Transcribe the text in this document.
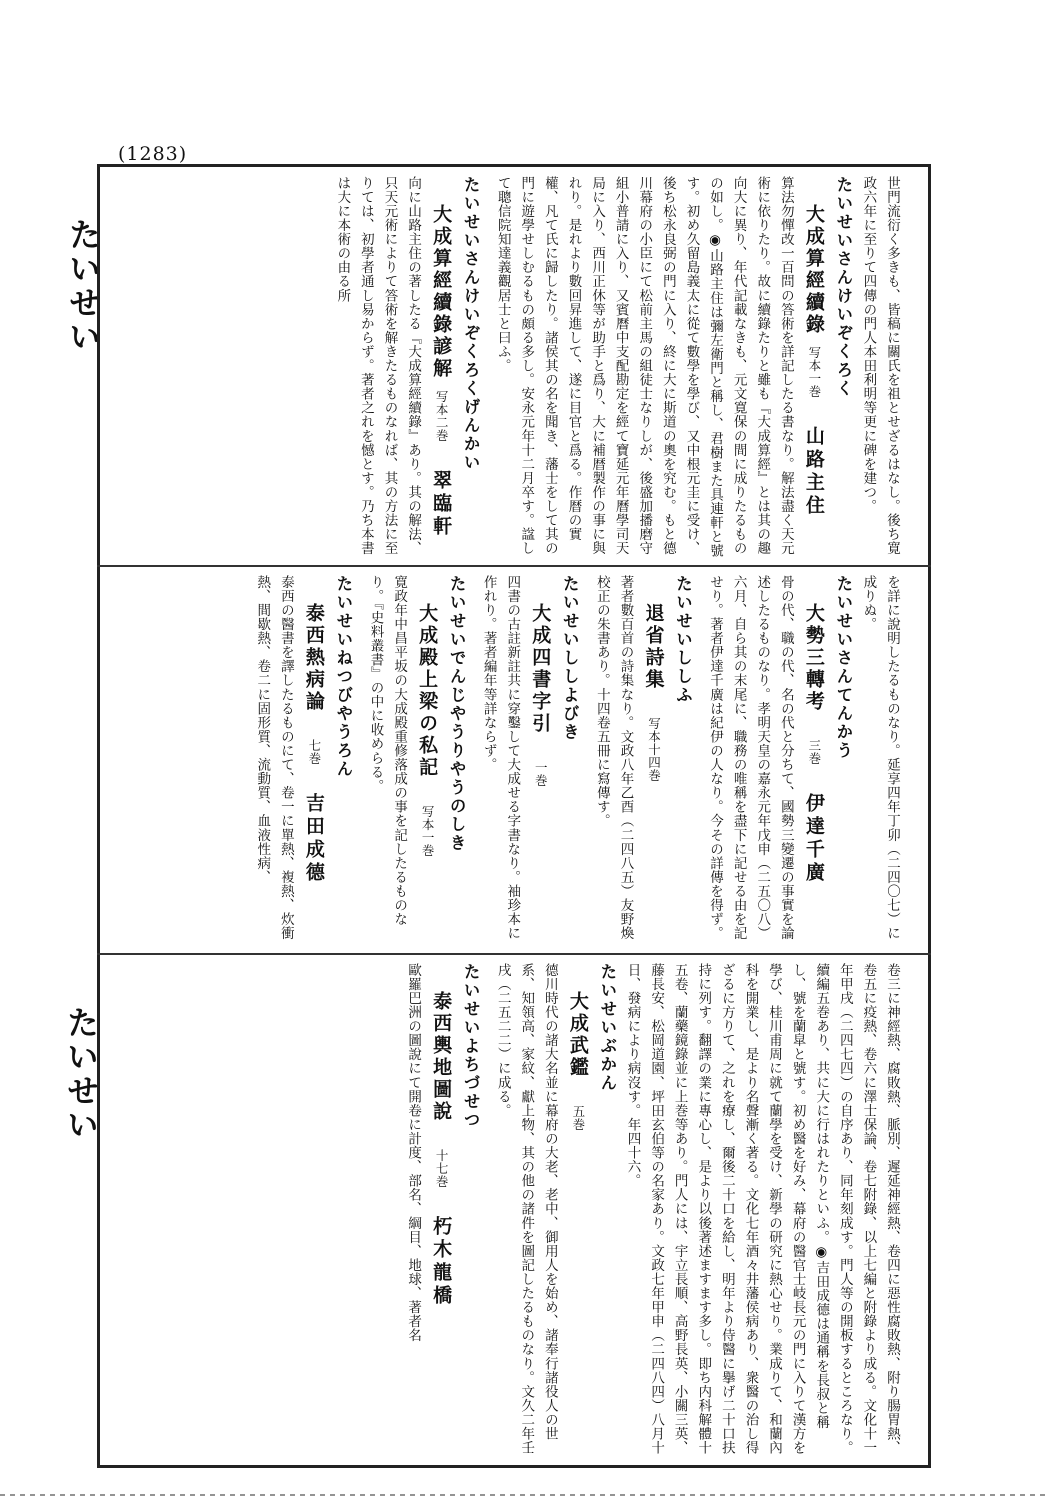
(1283)
たいせい
たいせい
世門流衍く多きも、皆稿に關氏を祖とせざるはなし。後ち寛政六年に至りて四傳の門人本田利明等更に碑を建つ。
たいせいさんけいぞくろく
大成算經續錄写本一巻山路主住
算法勿憚改一百問の答術を詳記したる書なり。解法盡く天元術に依りたり。故に續錄たりと雖も『大成算經』とは其の趣向大に異り、年代記載なきも、元文寛保の間に成りたるものの如し。◉山路主住は彌左衛門と稱し、君樹また具連軒と號す。初め久留島義太に從て數學を學び、又中根元圭に受け、後ち松永良弼の門に入り、終に大に斯道の奧を究む。もと德川幕府の小臣にて松前主馬の組徒士なりしが、後盛加播磨守組小普請に入り、又賓曆中支配勘定を經て寶延元年曆學司天局に入り、西川正休等が助手と爲り、大に補暦製作の事に與れり。是れより數回昇進して、遂に目官と爲る。作暦の實權、凡て氏に歸したり。諸侯其の名を聞き、藩士をして其の門に遊學せしむるもの頗る多し。安永元年十二月卒す。諡して聰信院知達義觀居士と曰ふ。
たいせいさんけいぞくろくげんかい
大成算經續錄諺解写本二巻翠臨軒
向に山路主住の著したる『大成算經續錄』あり。其の解法、只天元術によりて答術を解きたるものなれば、其の方法に至りては、初學者通し易からず。著者之れを憾とす。乃ち本書は大に本術の由る所
を詳に說明したるものなり。延享四年丁卯（二四〇七）に成りぬ。
たいせいさんてんかう
大勢三轉考三巻伊達千廣
骨の代、職の代、名の代と分ちて、國勢三變遷の事實を論述したるものなり。孝明天皇の嘉永元年戊申（二五〇八）六月、自ら其の末尾に、職務の唯稱を盡下に記せる由を記せり。著者伊達千廣は紀伊の人なり。今その詳傳を得ず。
たいせいししふ
退省詩集写本十四巻
著者數百首の詩集なり。文政八年乙酉（二四八五）友野煥校正の朱書あり。十四卷五冊に寫傳す。
たいせいししよびき
大成四書字引一巻
四書の古註新註共に穿鑿して大成せる字書なり。袖珍本に作れり。著者編年等詳ならず。
たいせいでんじやうりやうのしき
大成殿上梁の私記写本一巻
寛政年中昌平坂の大成殿重修落成の事を記したるものなり。『史料叢書』の中に收めらる。
たいせいねつびやうろん
泰西熱病論七巻吉田成德
泰西の醫書を譯したるものにて、卷一に單熱、複熱、炊衝熱、間歇熱、卷二に固形質、流動質、血液性病、
卷三に神經熱、腐敗熱、脈別、遲延神經熱、卷四に惡性腐敗熱、附り腸胃熱、卷五に疫熱、卷六に澤士保論、卷七附錄、以上七編と附錄より成る。文化十一年甲戌（二四七四）の自序あり、同年刻成す。門人等の開板するところなり。續編五巻あり、共に大に行はれたりといふ。◉吉田成德は通稱を長叔と稱し、號を蘭皐と號す。初め醫を好み、幕府の醫官士岐長元の門に入りて漢方を學び、桂川甫周に就て蘭學を受け、新學の研究に熱心せり。業成りて、和蘭內科を開業し、是より名聲漸く著る。文化七年酒々井藩侯病あり、衆醫の治し得ざるに方りて、之れを療し、爾後二十口を給し、明年より侍醫に擧げ二十口扶持に列す。翻譯の業に專心し、是より以後著述ますます多し。即ち内科解體十五卷、蘭藥鏡錄並に上巻等あり。門人には、宇立長順、高野長英、小關三英、藤長安、松岡道園、坪田玄伯等の名家あり。文政七年甲申（二四八四）八月十日、發病により病沒す。年四十六。
たいせいぶかん
大成武鑑五巻
德川時代の諸大名並に幕府の大老、老中、御用人を始め、諸奉行諸役人の世系、知領高、家紋、獻上物、其の他の諸件を圖記したるものなり。文久二年壬戌（二五二二）に成る。
たいせいよちづせつ
泰西輿地圖說十七巻朽木龍橋
歐羅巴洲の圖說にて開卷に計度、部名、綱目、地球、著者名
